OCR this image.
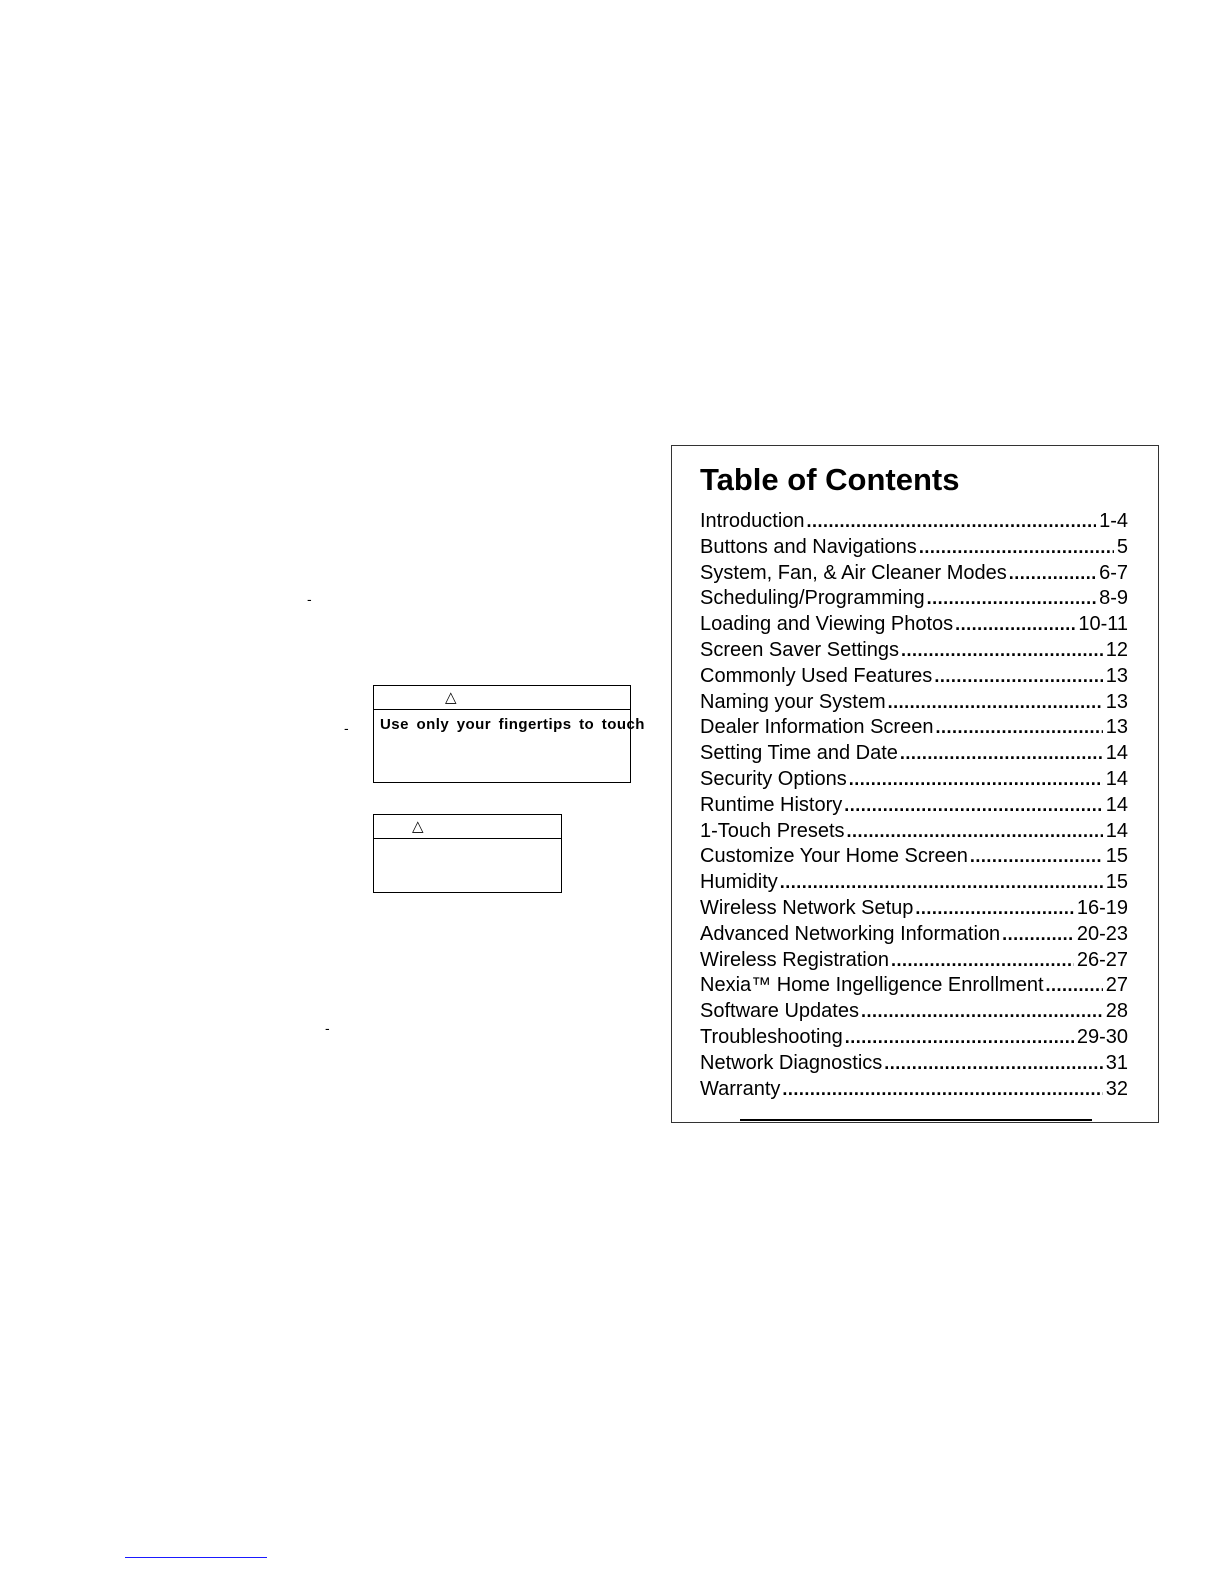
-
-
-
△
Use only your fingertips to touch
△
Table of Contents
Introduction .....	1-4
Buttons and Navigations .....	5
System, Fan, & Air Cleaner Modes .....	6-7
Scheduling/Programming .....	8-9
Loading and Viewing Photos .....	10-11
Screen Saver Settings .....	12
Commonly Used Features .....	13
Naming your System .....	13
Dealer Information Screen .....	13
Setting Time and Date .....	14
Security Options .....	14
Runtime History .....	14
1-Touch Presets .....	14
Customize Your Home Screen .....	15
Humidity .....	15
Wireless Network Setup .....	16-19
Advanced Networking Information .....	20-23
Wireless Registration .....	26-27
Nexia™ Home Ingelligence Enrollment .....	27
Software Updates .....	28
Troubleshooting .....	29-30
Network Diagnostics .....	31
Warranty .....	32
